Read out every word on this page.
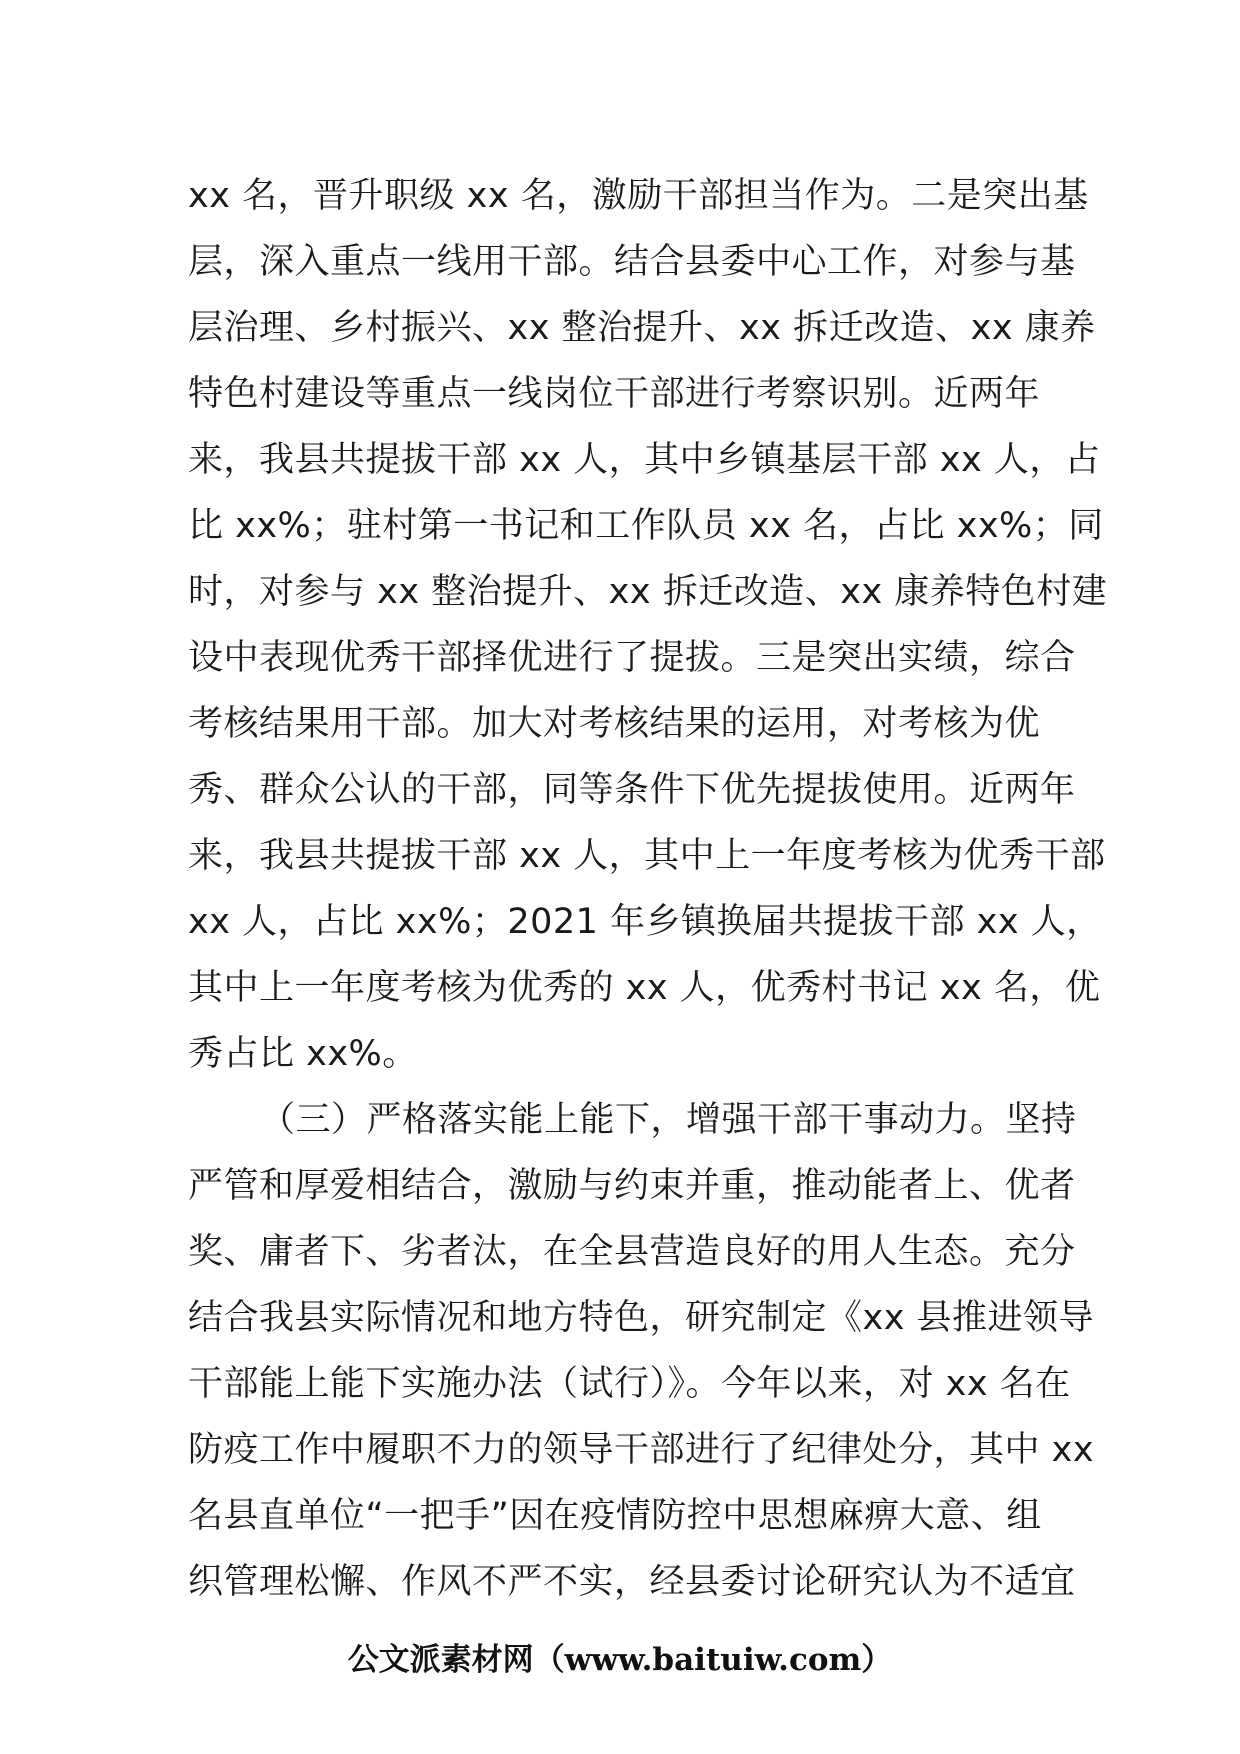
xx 名，晋升职级 xx 名，激励干部担当作为。二是突出基
层，深入重点一线用干部。结合县委中心工作，对参与基
层治理、乡村振兴、xx 整治提升、xx 拆迁改造、xx 康养
特色村建设等重点一线岗位干部进行考察识别。近两年
来，我县共提拔干部 xx 人，其中乡镇基层干部 xx 人，占
比 xx%；驻村第一书记和工作队员 xx 名，占比 xx%；同
时，对参与 xx 整治提升、xx 拆迁改造、xx 康养特色村建
设中表现优秀干部择优进行了提拔。三是突出实绩，综合
考核结果用干部。加大对考核结果的运用，对考核为优
秀、群众公认的干部，同等条件下优先提拔使用。近两年
来，我县共提拔干部 xx 人，其中上一年度考核为优秀干部
xx 人，占比 xx%；2021 年乡镇换届共提拔干部 xx 人，
其中上一年度考核为优秀的 xx 人，优秀村书记 xx 名，优
秀占比 xx%。
（三）严格落实能上能下，增强干部干事动力。坚持
严管和厚爱相结合，激励与约束并重，推动能者上、优者
奖、庸者下、劣者汰，在全县营造良好的用人生态。充分
结合我县实际情况和地方特色，研究制定《xx 县推进领导
干部能上能下实施办法（试行）》。今年以来，对 xx 名在
防疫工作中履职不力的领导干部进行了纪律处分，其中 xx
名县直单位“一把手”因在疫情防控中思想麻痹大意、组
织管理松懈、作风不严不实，经县委讨论研究认为不适宜
公文派素材网（www.baituiw.com）
